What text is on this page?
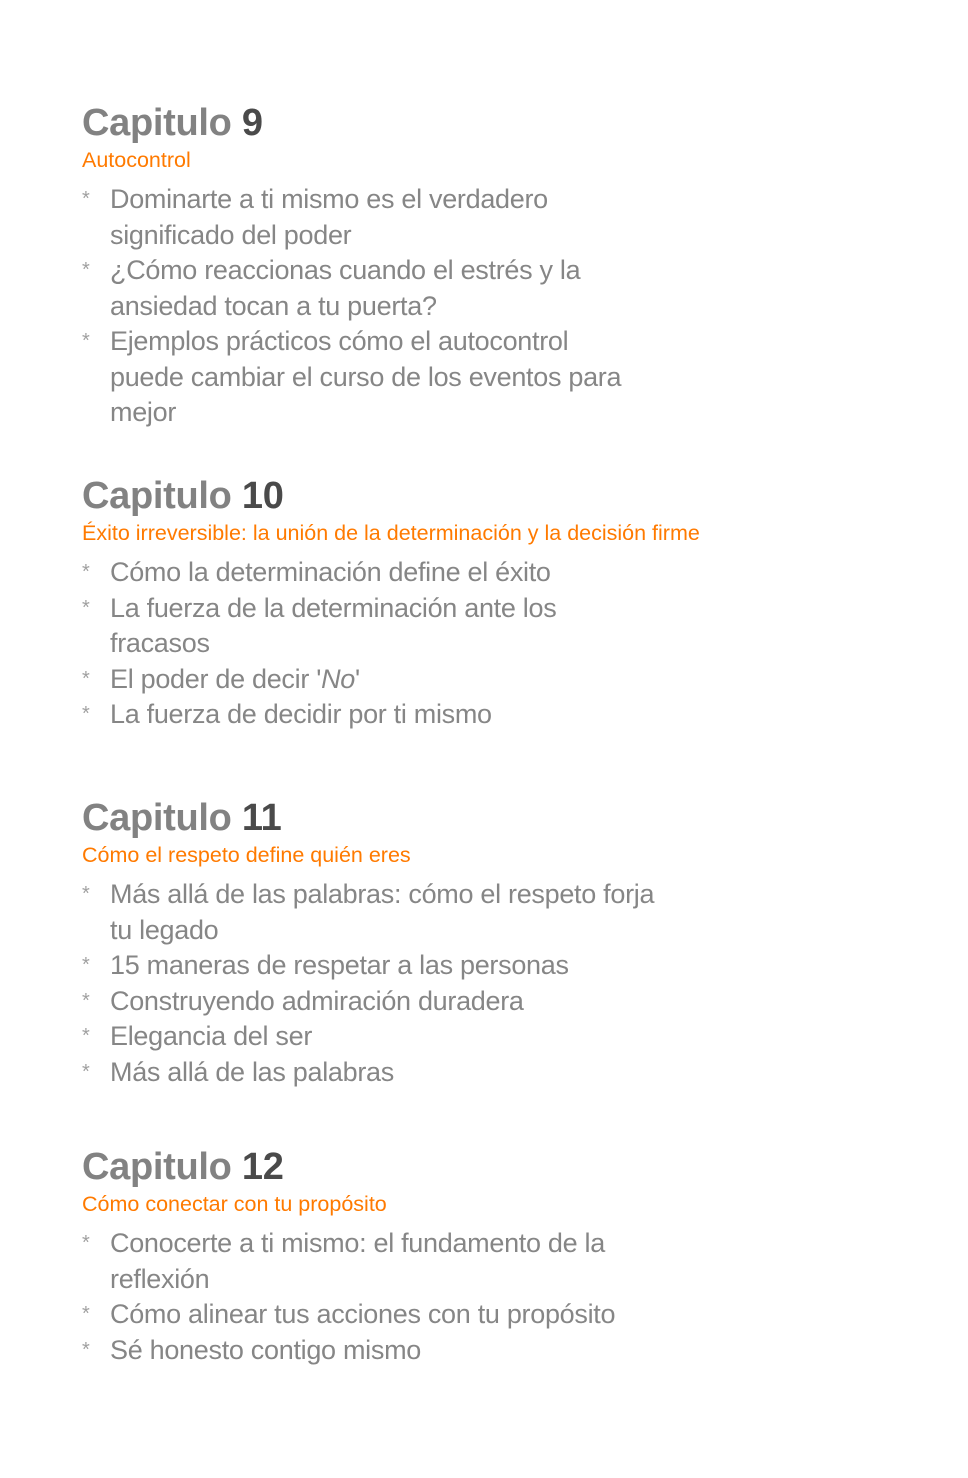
Capitulo 9
Autocontrol
* Dominarte a ti mismo es el verdadero
significado del poder
* ¿Cómo reaccionas cuando el estrés y la
ansiedad tocan a tu puerta?
* Ejemplos prácticos cómo el autocontrol
puede cambiar el curso de los eventos para
mejor
Capitulo 10
Éxito irreversible: la unión de la determinación y la decisión firme
* Cómo la determinación define el éxito
* La fuerza de la determinación ante los
fracasos
* El poder de decir 'No'
* La fuerza de decidir por ti mismo
Capitulo 11
Cómo el respeto define quién eres
* Más allá de las palabras: cómo el respeto forja
tu legado
* 15 maneras de respetar a las personas
* Construyendo admiración duradera
* Elegancia del ser
* Más allá de las palabras
Capitulo 12
Cómo conectar con tu propósito
* Conocerte a ti mismo: el fundamento de la
reflexión
* Cómo alinear tus acciones con tu propósito
* Sé honesto contigo mismo
